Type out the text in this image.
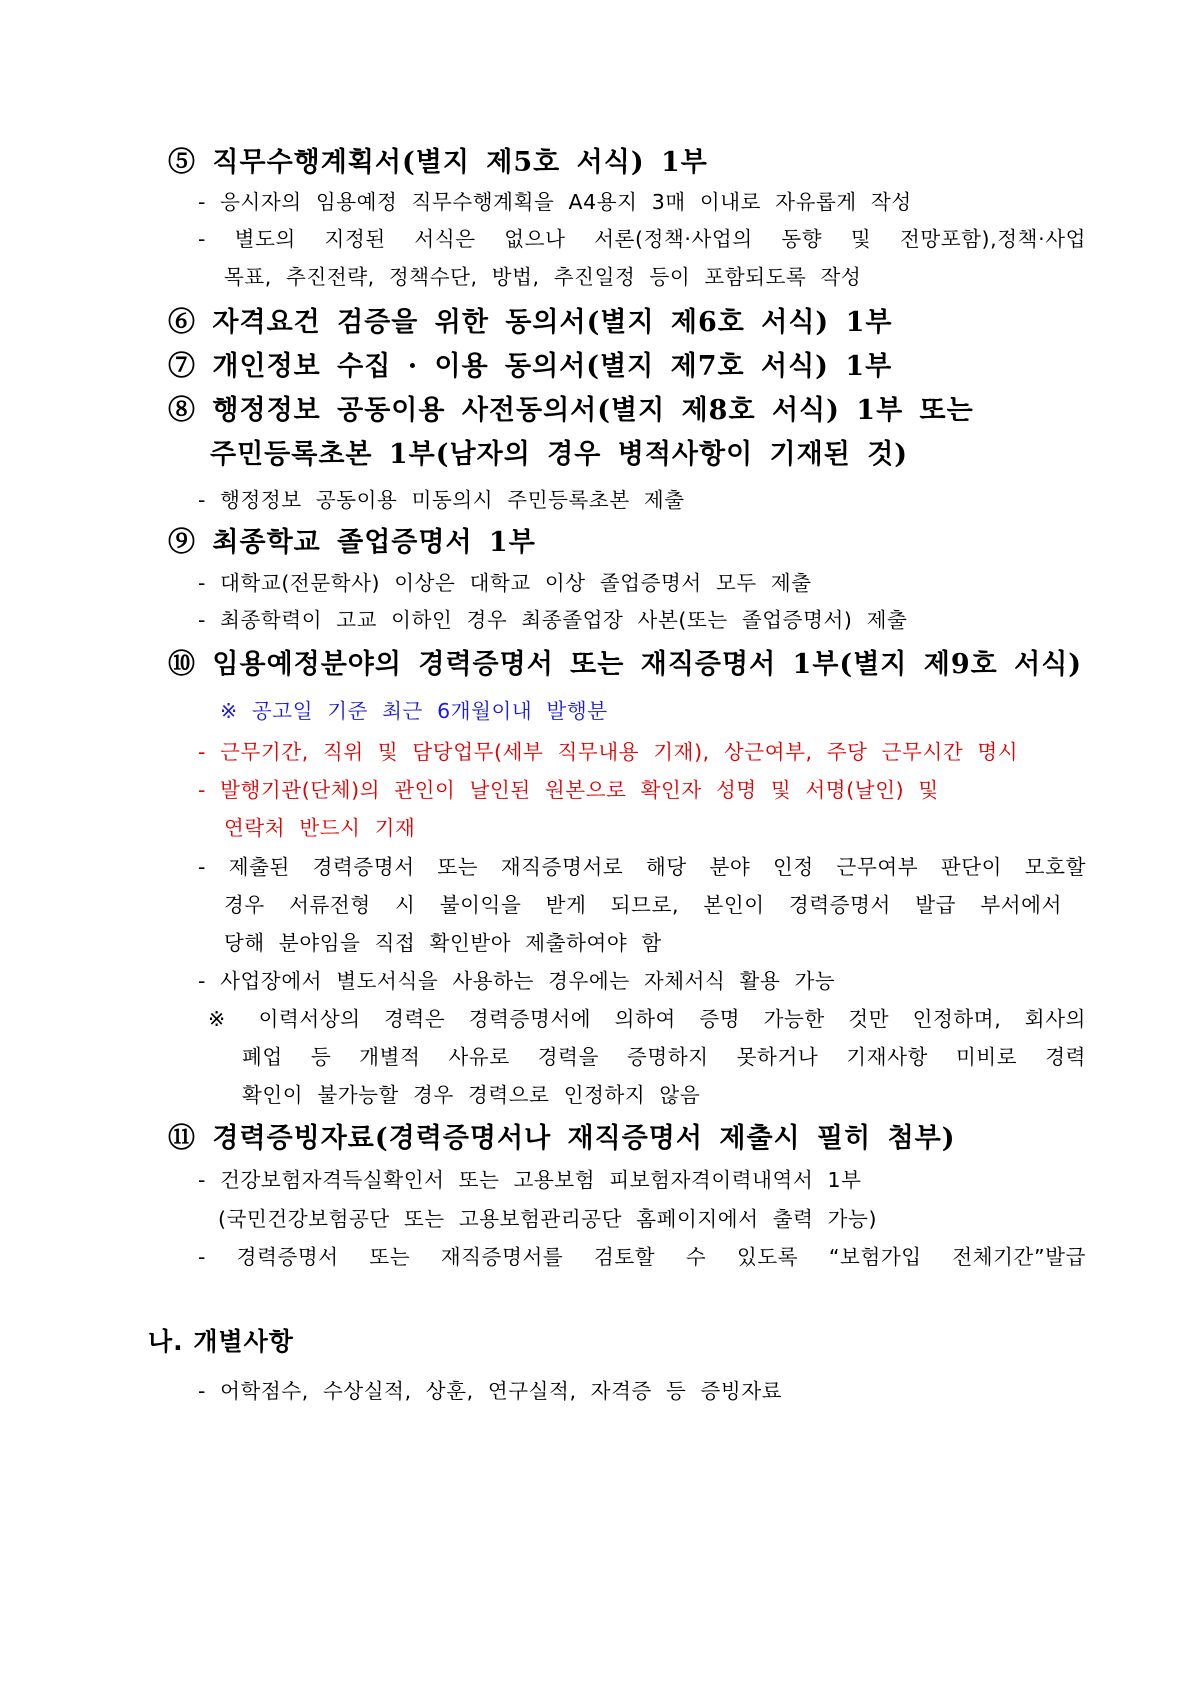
⑤ 직무수행계획서(별지 제5호 서식) 1부
- 응시자의 임용예정 직무수행계획을 A4용지 3매 이내로 자유롭게 작성
- 별도의 지정된 서식은 없으나 서론(정책·사업의 동향 및 전망포함),정책·사업
목표, 추진전략, 정책수단, 방법, 추진일정 등이 포함되도록 작성
⑥ 자격요건 검증을 위한 동의서(별지 제6호 서식) 1부
⑦ 개인정보 수집 · 이용 동의서(별지 제7호 서식) 1부
⑧ 행정정보 공동이용 사전동의서(별지 제8호 서식) 1부 또는
주민등록초본 1부(남자의 경우 병적사항이 기재된 것)
- 행정정보 공동이용 미동의시 주민등록초본 제출
⑨ 최종학교 졸업증명서 1부
- 대학교(전문학사) 이상은 대학교 이상 졸업증명서 모두 제출
- 최종학력이 고교 이하인 경우 최종졸업장 사본(또는 졸업증명서) 제출
⑩ 임용예정분야의 경력증명서 또는 재직증명서 1부(별지 제9호 서식)
※ 공고일 기준 최근 6개월이내 발행분
- 근무기간, 직위 및 담당업무(세부 직무내용 기재), 상근여부, 주당 근무시간 명시
- 발행기관(단체)의 관인이 날인된 원본으로 확인자 성명 및 서명(날인) 및
연락처 반드시 기재
- 제출된 경력증명서 또는 재직증명서로 해당 분야 인정 근무여부 판단이 모호할
경우 서류전형 시 불이익을 받게 되므로, 본인이 경력증명서 발급 부서에서
당해 분야임을 직접 확인받아 제출하여야 함
- 사업장에서 별도서식을 사용하는 경우에는 자체서식 활용 가능
※ 이력서상의 경력은 경력증명서에 의하여 증명 가능한 것만 인정하며, 회사의
폐업 등 개별적 사유로 경력을 증명하지 못하거나 기재사항 미비로 경력
확인이 불가능할 경우 경력으로 인정하지 않음
⑪ 경력증빙자료(경력증명서나 재직증명서 제출시 필히 첨부)
- 건강보험자격득실확인서 또는 고용보험 피보험자격이력내역서 1부
(국민건강보험공단 또는 고용보험관리공단 홈페이지에서 출력 가능)
- 경력증명서 또는 재직증명서를 검토할 수 있도록 “보험가입 전체기간”발급
나. 개별사항
- 어학점수, 수상실적, 상훈, 연구실적, 자격증 등 증빙자료
